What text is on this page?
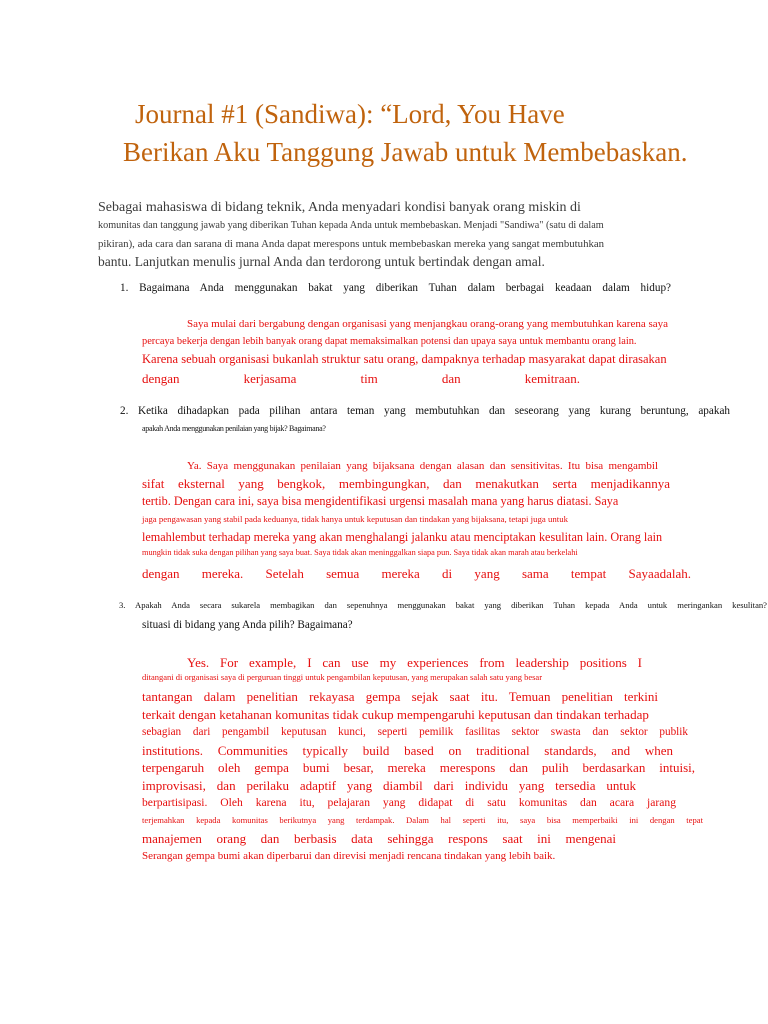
Journal #1 (Sandiwa): “Lord, You Have
Berikan Aku Tanggung Jawab untuk Membebaskan.
Sebagai mahasiswa di bidang teknik, Anda menyadari kondisi banyak orang miskin di
komunitas dan tanggung jawab yang diberikan Tuhan kepada Anda untuk membebaskan. Menjadi "Sandiwa" (satu di dalam
pikiran), ada cara dan sarana di mana Anda dapat merespons untuk membebaskan mereka yang sangat membutuhkan
bantu. Lanjutkan menulis jurnal Anda dan terdorong untuk bertindak dengan amal.
1. Bagaimana Anda menggunakan bakat yang diberikan Tuhan dalam berbagai keadaan dalam hidup?
Saya mulai dari bergabung dengan organisasi yang menjangkau orang-orang yang membutuhkan karena saya
percaya bekerja dengan lebih banyak orang dapat memaksimalkan potensi dan upaya saya untuk membantu orang lain.
Karena sebuah organisasi bukanlah struktur satu orang, dampaknya terhadap masyarakat dapat dirasakan
dengan kerjasama tim dan kemitraan.
2. Ketika dihadapkan pada pilihan antara teman yang membutuhkan dan seseorang yang kurang beruntung, apakah
apakah Anda menggunakan penilaian yang bijak? Bagaimana?
Ya. Saya menggunakan penilaian yang bijaksana dengan alasan dan sensitivitas. Itu bisa mengambil
sifat eksternal yang bengkok, membingungkan, dan menakutkan serta menjadikannya
tertib. Dengan cara ini, saya bisa mengidentifikasi urgensi masalah mana yang harus diatasi. Saya
jaga pengawasan yang stabil pada keduanya, tidak hanya untuk keputusan dan tindakan yang bijaksana, tetapi juga untuk
lemahlembut terhadap mereka yang akan menghalangi jalanku atau menciptakan kesulitan lain. Orang lain
mungkin tidak suka dengan pilihan yang saya buat. Saya tidak akan meninggalkan siapa pun. Saya tidak akan marah atau berkelahi
dengan mereka. Setelah semua mereka di yang sama tempat Sayaadalah.
3. Apakah Anda secara sukarela membagikan dan sepenuhnya menggunakan bakat yang diberikan Tuhan kepada Anda untuk meringankan kesulitan?
situasi di bidang yang Anda pilih? Bagaimana?
Yes. For example, I can use my experiences from leadership positions I
ditangani di organisasi saya di perguruan tinggi untuk pengambilan keputusan, yang merupakan salah satu yang besar
tantangan dalam penelitian rekayasa gempa sejak saat itu. Temuan penelitian terkini
terkait dengan ketahanan komunitas tidak cukup mempengaruhi keputusan dan tindakan terhadap
sebagian dari pengambil keputusan kunci, seperti pemilik fasilitas sektor swasta dan sektor publik
institutions. Communities typically build based on traditional standards, and when
terpengaruh oleh gempa bumi besar, mereka merespons dan pulih berdasarkan intuisi,
improvisasi, dan perilaku adaptif yang diambil dari individu yang tersedia untuk
berpartisipasi. Oleh karena itu, pelajaran yang didapat di satu komunitas dan acara jarang
terjemahkan kepada komunitas berikutnya yang terdampak. Dalam hal seperti itu, saya bisa memperbaiki ini dengan tepat
manajemen orang dan berbasis data sehingga respons saat ini mengenai
Serangan gempa bumi akan diperbarui dan direvisi menjadi rencana tindakan yang lebih baik.
